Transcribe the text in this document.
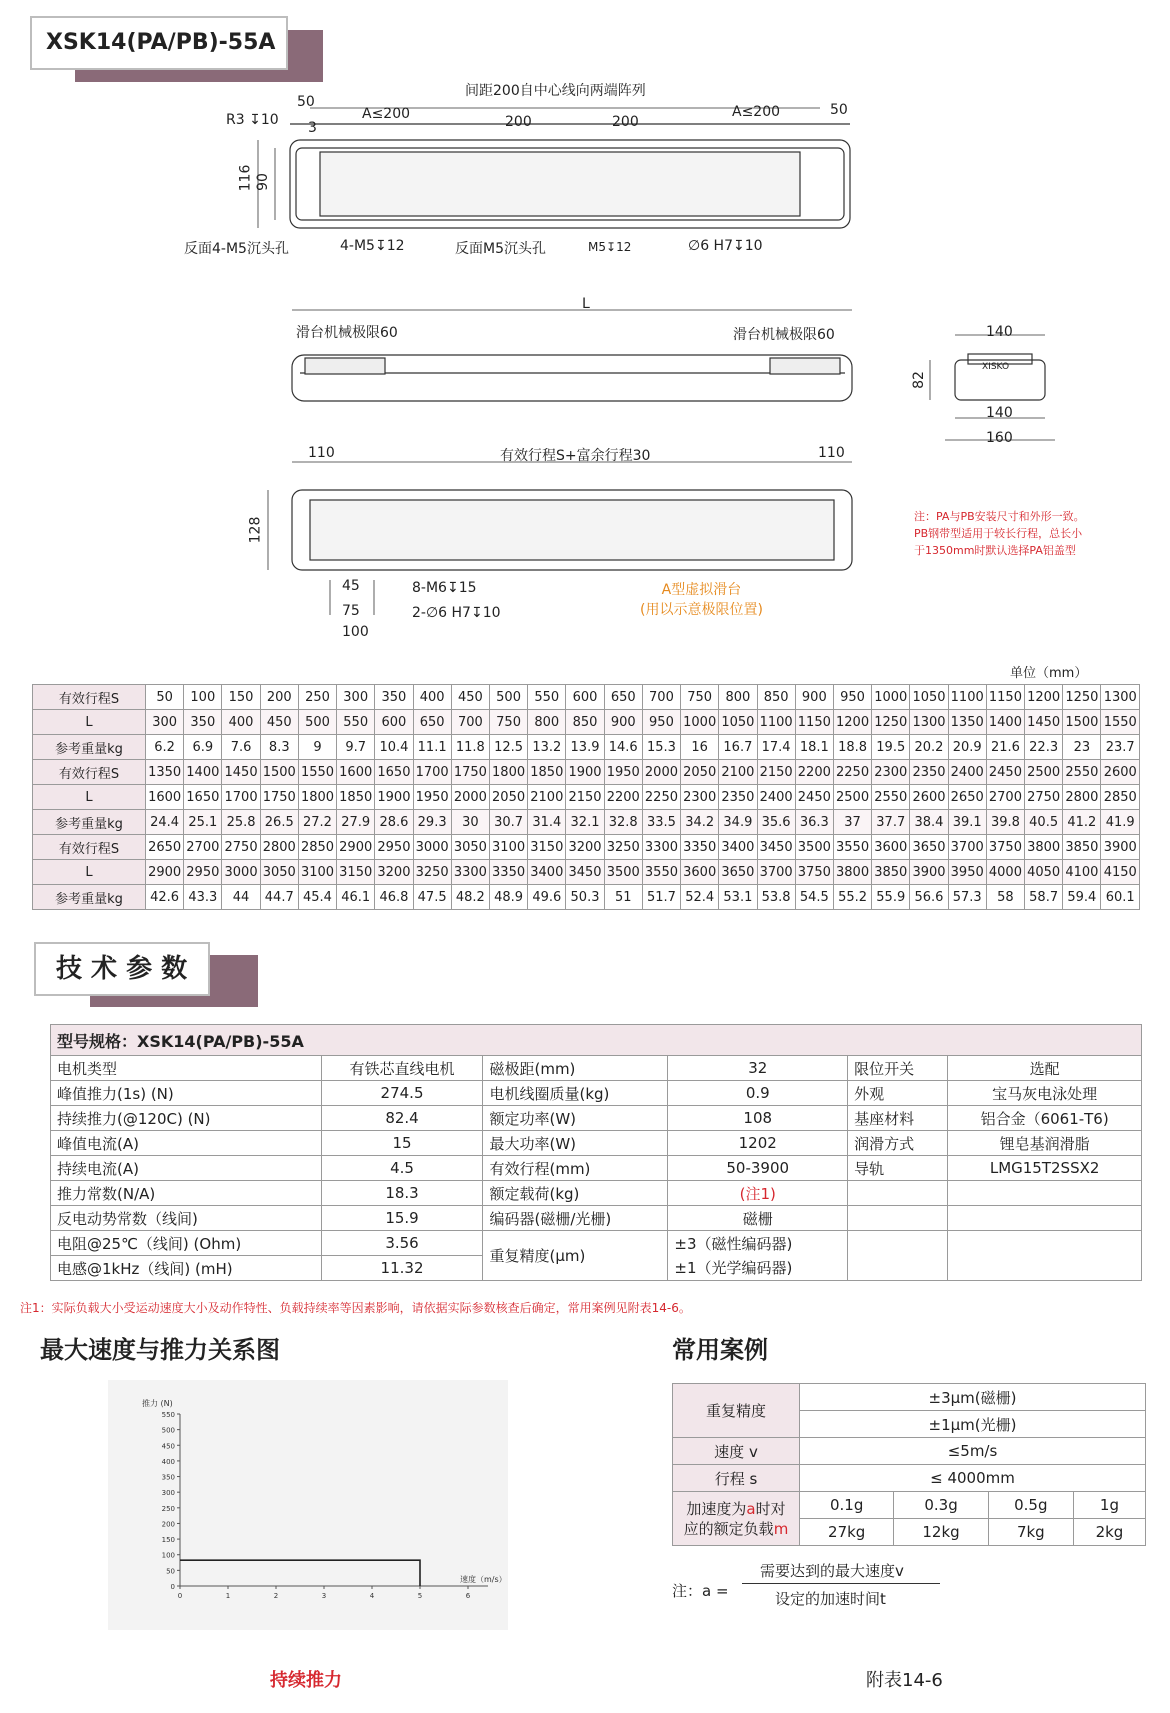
XSK14(PA/PB)-55A
间距200自中心线向两端阵列
50
A≤200	200	200
A≤200	50
R3 ↧10 3
116 90
反面4-M5沉头孔	4-M5↧12	反面M5沉头孔	M5↧12	∅6 H7↧10
L
滑台机械极限60	滑台机械极限60	140
82
XISKO
140
160
110	有效行程S+富余行程30	110
128
45
75
100
8-M6↧15
2-∅6 H7↧10
A型虚拟滑台
(用以示意极限位置)
注：PA与PB安装尺寸和外形一致。
PB钢带型适用于较长行程，总长小
于1350mm时默认选择PA铝盖型
单位（mm）
有效行程S	50	100	150	200	250	300	350	400	450	500	550	600	650	700	750	800	850	900	950	1000	1050	1100	1150	1200	1250	1300
L	300	350	400	450	500	550	600	650	700	750	800	850	900	950	1000	1050	1100	1150	1200	1250	1300	1350	1400	1450	1500	1550
参考重量kg	6.2	6.9	7.6	8.3	9	9.7	10.4	11.1	11.8	12.5	13.2	13.9	14.6	15.3	16	16.7	17.4	18.1	18.8	19.5	20.2	20.9	21.6	22.3	23	23.7
有效行程S	1350	1400	1450	1500	1550	1600	1650	1700	1750	1800	1850	1900	1950	2000	2050	2100	2150	2200	2250	2300	2350	2400	2450	2500	2550	2600
L	1600	1650	1700	1750	1800	1850	1900	1950	2000	2050	2100	2150	2200	2250	2300	2350	2400	2450	2500	2550	2600	2650	2700	2750	2800	2850
参考重量kg	24.4	25.1	25.8	26.5	27.2	27.9	28.6	29.3	30	30.7	31.4	32.1	32.8	33.5	34.2	34.9	35.6	36.3	37	37.7	38.4	39.1	39.8	40.5	41.2	41.9
有效行程S	2650	2700	2750	2800	2850	2900	2950	3000	3050	3100	3150	3200	3250	3300	3350	3400	3450	3500	3550	3600	3650	3700	3750	3800	3850	3900
L	2900	2950	3000	3050	3100	3150	3200	3250	3300	3350	3400	3450	3500	3550	3600	3650	3700	3750	3800	3850	3900	3950	4000	4050	4100	4150
参考重量kg	42.6	43.3	44	44.7	45.4	46.1	46.8	47.5	48.2	48.9	49.6	50.3	51	51.7	52.4	53.1	53.8	54.5	55.2	55.9	56.6	57.3	58	58.7	59.4	60.1
技 术 参 数
型号规格：XSK14(PA/PB)-55A					
电机类型	有铁芯直线电机	磁极距(mm)	32	限位开关	选配
峰值推力(1s) (N)	274.5	电机线圈质量(kg)	0.9	外观	宝马灰电泳处理
持续推力(@120C) (N)	82.4	额定功率(W)	108	基座材料	铝合金（6061-T6)
峰值电流(A)	15	最大功率(W)	1202	润滑方式	锂皂基润滑脂
持续电流(A)	4.5	有效行程(mm)	50-3900	导轨	LMG15T2SSX2
推力常数(N/A)	18.3	额定载荷(kg)	(注1)		
反电动势常数（线间)	15.9	编码器(磁栅/光栅)	磁栅		
电阻@25℃（线间) (Ohm)	3.56	重复精度(μm)	±3（磁性编码器)
±1（光学编码器)		

电感@1kHz（线间) (mH)	11.32				
注1：实际负载大小受运动速度大小及动作特性、负载持续率等因素影响，请依据实际参数核查后确定，常用案例见附表14-6。
最大速度与推力关系图
0
50
100
150
200
250
300
350
400
450
500
550
0	1	2	3	4	5	6
推力 (N)
速度（m/s）
持续推力
常用案例
重复精度	±3μm(磁栅)			
	±1μm(光栅)			
速度 v	≤5m/s			
行程 s	≤ 4000mm			

加速度为a时对
应的额定负载m	0.1g	0.3g	0.5g	1g
	27kg	12kg	7kg	2kg
注：a =
需要达到的最大速度v
设定的加速时间t
附表14-6
